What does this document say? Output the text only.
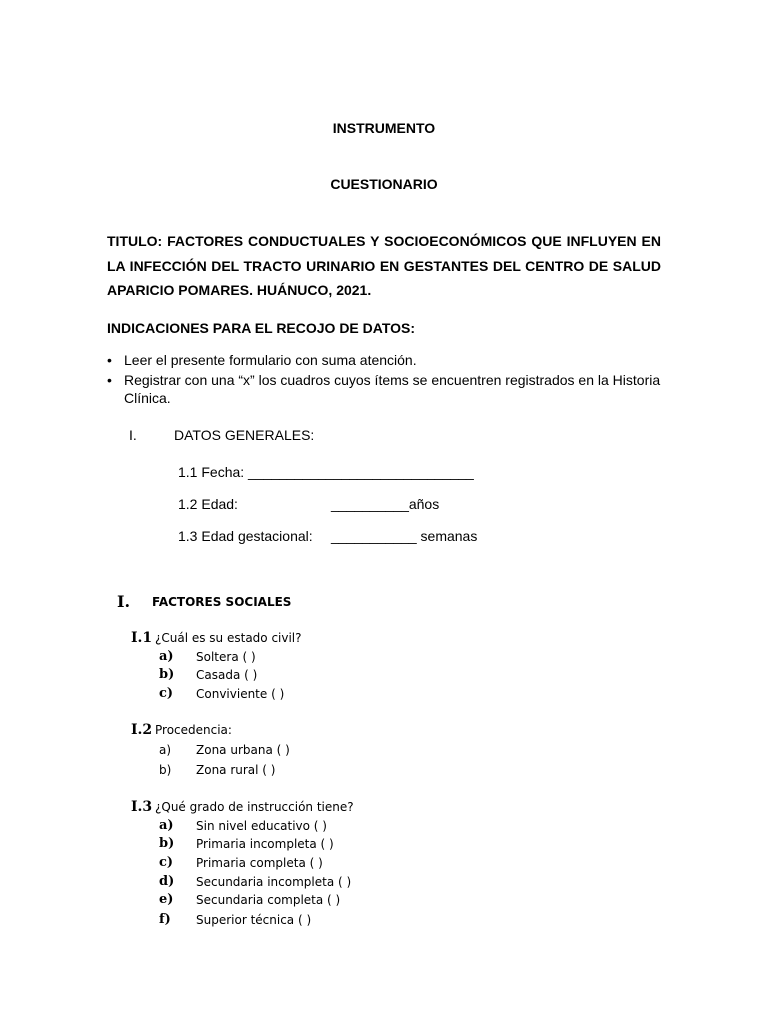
INSTRUMENTO
CUESTIONARIO
TITULO: FACTORES CONDUCTUALES Y SOCIOECONÓMICOS QUE INFLUYEN EN
LA INFECCIÓN DEL TRACTO URINARIO EN GESTANTES DEL CENTRO DE SALUD
APARICIO POMARES. HUÁNUCO, 2021.
INDICACIONES PARA EL RECOJO DE DATOS:
• Leer el presente formulario con suma atención.
• Registrar con una “x” los cuadros cuyos ítems se encuentren registrados en la Historia
Clínica.
I.	DATOS GENERALES:
1.1 Fecha: _____________________________
1.2 Edad:	__________años
1.3 Edad gestacional: ___________ semanas
I. FACTORES SOCIALES
I.1 ¿Cuál es su estado civil?
a) Soltera ( )
b) Casada ( )
c) Conviviente ( )
I.2 Procedencia:
a) Zona urbana ( )
b) Zona rural ( )
I.3 ¿Qué grado de instrucción tiene?
a) Sin nivel educativo ( )
b) Primaria incompleta ( )
c) Primaria completa ( )
d) Secundaria incompleta ( )
e) Secundaria completa ( )
f) Superior técnica ( )
